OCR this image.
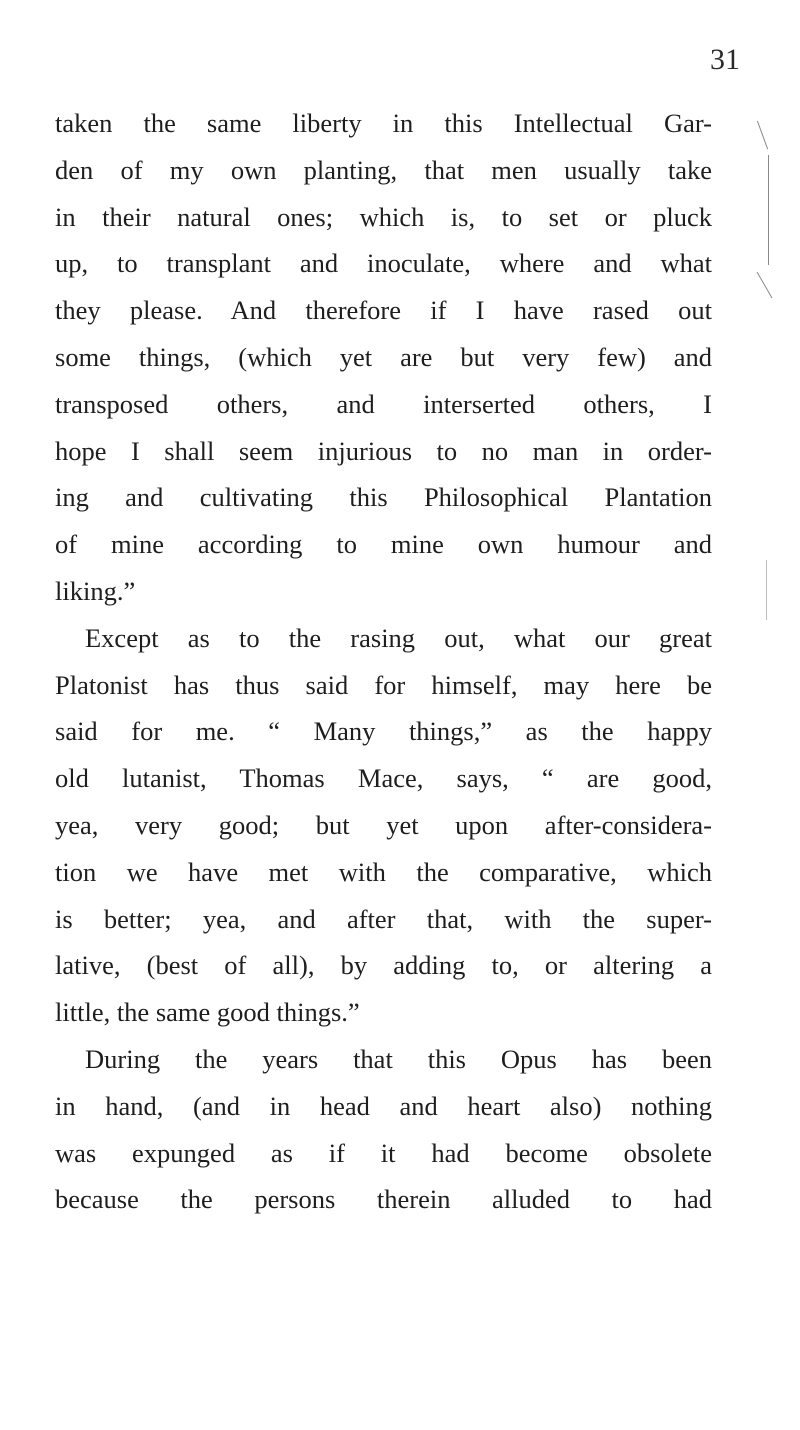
31
taken the same liberty in this Intellectual Gar-
den of my own planting, that men usually take
in their natural ones; which is, to set or pluck
up, to transplant and inoculate, where and what
they please. And therefore if I have rased out
some things, (which yet are but very few) and
transposed others, and interserted others, I
hope I shall seem injurious to no man in order-
ing and cultivating this Philosophical Plantation
of mine according to mine own humour and
liking.”
Except as to the rasing out, what our great
Platonist has thus said for himself, may here be
said for me. “ Many things,” as the happy
old lutanist, Thomas Mace, says, “ are good,
yea, very good; but yet upon after-considera-
tion we have met with the comparative, which
is better; yea, and after that, with the super-
lative, (best of all), by adding to, or altering a
little, the same good things.”
During the years that this Opus has been
in hand, (and in head and heart also) nothing
was expunged as if it had become obsolete
because the persons therein alluded to had
